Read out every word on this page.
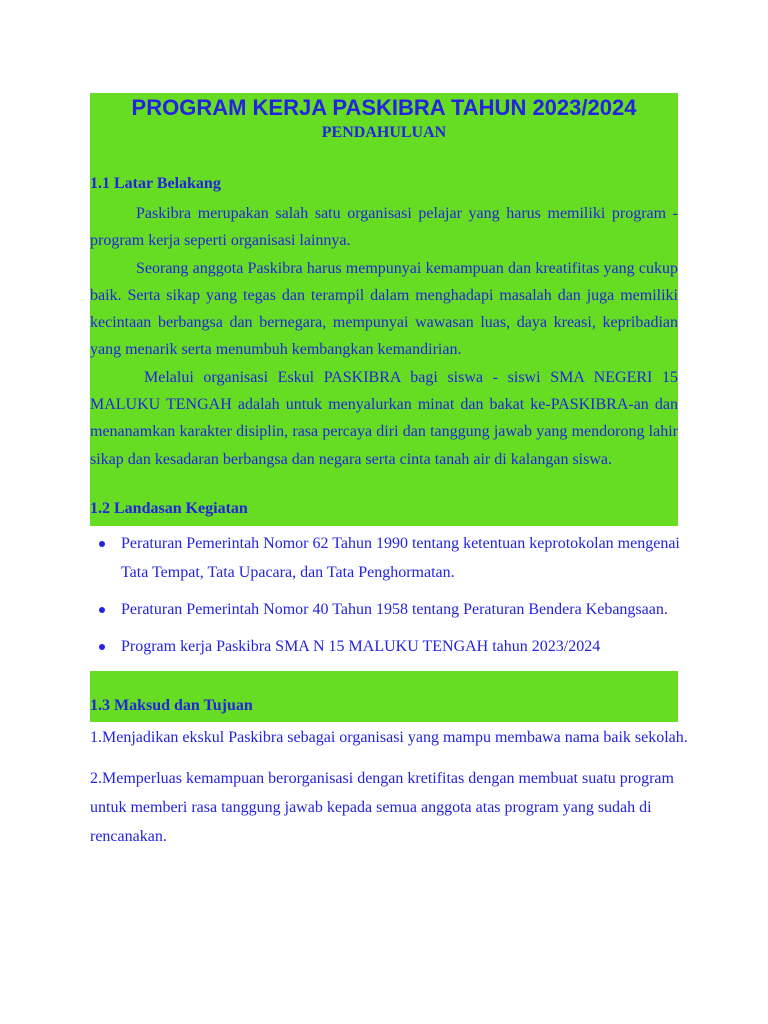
PROGRAM KERJA PASKIBRA TAHUN 2023/2024

PENDAHULUAN

1.1 Latar Belakang

Paskibra merupakan salah satu organisasi pelajar yang harus memiliki program - program kerja seperti organisasi lainnya.

Seorang anggota Paskibra harus mempunyai kemampuan dan kreatifitas yang cukup baik. Serta sikap yang tegas dan terampil dalam menghadapi masalah dan juga memiliki kecintaan berbangsa dan bernegara, mempunyai wawasan luas, daya kreasi, kepribadian yang menarik serta menumbuh kembangkan kemandirian.

Melalui organisasi Eskul PASKIBRA bagi siswa - siswi SMA NEGERI 15 MALUKU TENGAH adalah untuk menyalurkan minat dan bakat ke-PASKIBRA-an dan menanamkan karakter disiplin, rasa percaya diri dan tanggung jawab yang mendorong lahir sikap dan kesadaran berbangsa dan negara serta cinta tanah air di kalangan siswa.

1.2 Landasan Kegiatan

Peraturan Pemerintah Nomor 62 Tahun 1990 tentang ketentuan keprotokolan mengenai Tata Tempat, Tata Upacara, dan Tata Penghormatan.
Peraturan Pemerintah Nomor 40 Tahun 1958 tentang Peraturan Bendera Kebangsaan.
Program kerja Paskibra SMA N 15 MALUKU TENGAH tahun 2023/2024

1.3 Maksud dan Tujuan

1.Menjadikan ekskul Paskibra sebagai organisasi yang mampu membawa nama baik sekolah.

2.Memperluas kemampuan berorganisasi dengan kretifitas dengan membuat suatu program untuk memberi rasa tanggung jawab kepada semua anggota atas program yang sudah di rencanakan.
